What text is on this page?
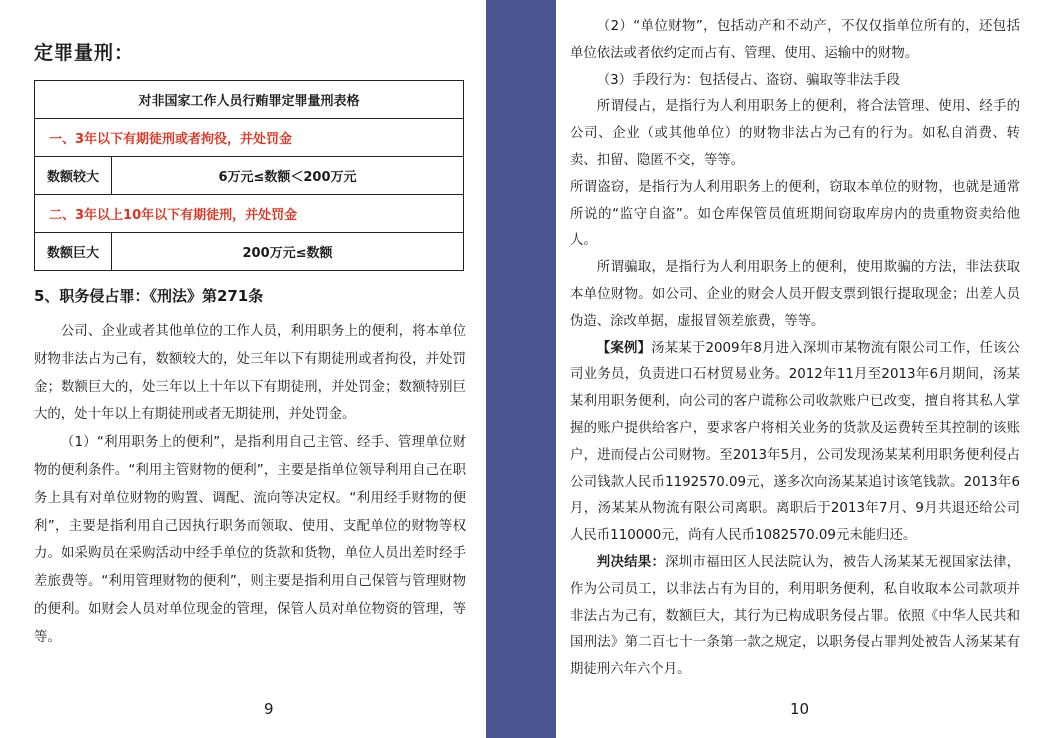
定罪量刑：
对非国家工作人员行贿罪定罪量刑表格	
一、3年以下有期徒刑或者拘役，并处罚金	
数额较大	6万元≤数额＜200万元
二、3年以上10年以下有期徒刑，并处罚金	
数额巨大	200万元≤数额
5、职务侵占罪：《刑法》第271条

公司、企业或者其他单位的工作人员，利用职务上的便利，将本单位财物非法占为己有，数额较大的，处三年以下有期徒刑或者拘役，并处罚金；数额巨大的，处三年以上十年以下有期徒刑，并处罚金；数额特别巨大的，处十年以上有期徒刑或者无期徒刑，并处罚金。

（1）“利用职务上的便利”，是指利用自己主管、经手、管理单位财物的便利条件。“利用主管财物的便利”，主要是指单位领导利用自己在职务上具有对单位财物的购置、调配、流向等决定权。“利用经手财物的便利”，主要是指利用自己因执行职务而领取、使用、支配单位的财物等权力。如采购员在采购活动中经手单位的货款和货物，单位人员出差时经手差旅费等。“利用管理财物的便利”，则主要是指利用自己保管与管理财物的便利。如财会人员对单位现金的管理，保管人员对单位物资的管理，等等。

9

（2）“单位财物”，包括动产和不动产，不仅仅指单位所有的，还包括单位依法或者依约定而占有、管理、使用、运输中的财物。

（3）手段行为：包括侵占、盗窃、骗取等非法手段

所谓侵占，是指行为人利用职务上的便利，将合法管理、使用、经手的公司、企业（或其他单位）的财物非法占为己有的行为。如私自消费、转卖、扣留、隐匿不交，等等。

所谓盗窃，是指行为人利用职务上的便利，窃取本单位的财物，也就是通常所说的“监守自盗”。如仓库保管员值班期间窃取库房内的贵重物资卖给他人。

所谓骗取，是指行为人利用职务上的便利，使用欺骗的方法，非法获取本单位财物。如公司、企业的财会人员开假支票到银行提取现金；出差人员伪造、涂改单据，虚报冒领差旅费，等等。

【案例】汤某某于2009年8月进入深圳市某物流有限公司工作，任该公司业务员，负责进口石材贸易业务。2012年11月至2013年6月期间，汤某某利用职务便利，向公司的客户谎称公司收款账户已改变，擅自将其私人掌握的账户提供给客户，要求客户将相关业务的货款及运费转至其控制的该账户，进而侵占公司财物。至2013年5月，公司发现汤某某利用职务便利侵占公司钱款人民币1192570.09元，遂多次向汤某某追讨该笔钱款。2013年6月，汤某某从物流有限公司离职。离职后于2013年7月、9月共退还给公司人民币110000元，尚有人民币1082570.09元未能归还。

判决结果：深圳市福田区人民法院认为，被告人汤某某无视国家法律，作为公司员工，以非法占有为目的，利用职务便利，私自收取本公司款项并非法占为己有，数额巨大，其行为已构成职务侵占罪。依照《中华人民共和国刑法》第二百七十一条第一款之规定，以职务侵占罪判处被告人汤某某有期徒刑六年六个月。

10
